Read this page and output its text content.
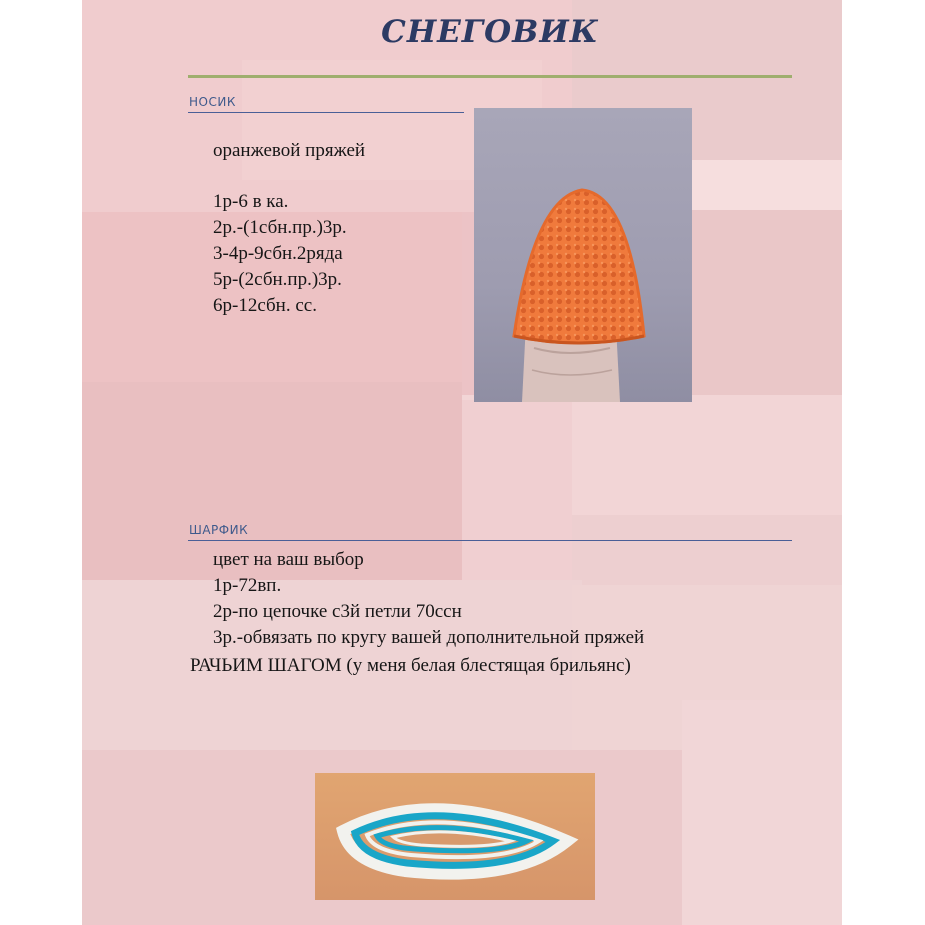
СНЕГОВИК
НОСИК
оранжевой пряжей
1р-6 в ка.
2р.-(1сбн.пр.)3р.
3-4р-9сбн.2ряда
5р-(2сбн.пр.)3р.
6р-12сбн. сс.
ШАРФИК
цвет на ваш выбор
1р-72вп.
2р-по цепочке с3й петли 70ссн
3р.-обвязать по кругу вашей дополнительной пряжей
РАЧЬИМ ШАГОМ (у меня белая блестящая брильянс)
